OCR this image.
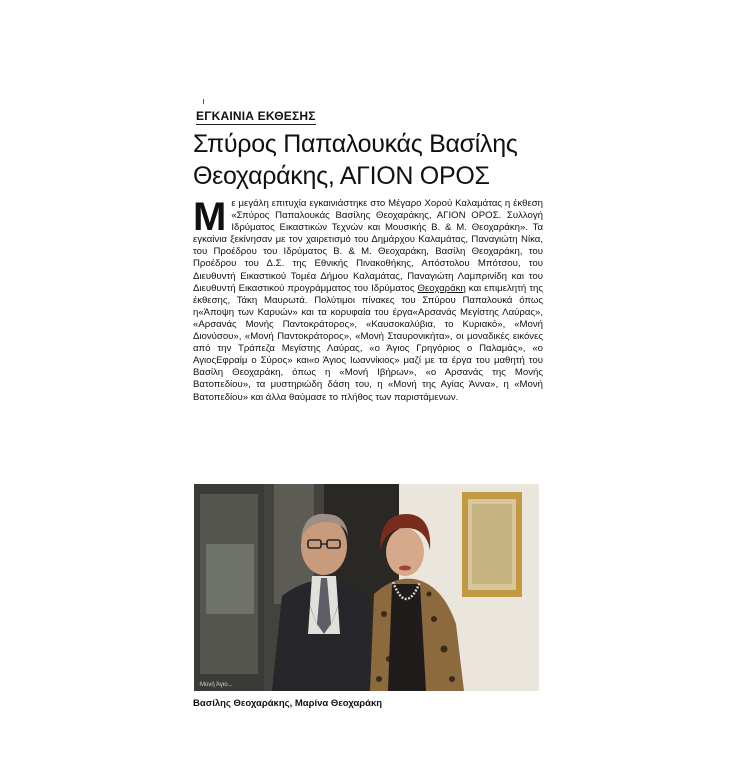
ΕΓΚΑΙΝΙΑ ΕΚΘΕΣΗΣ
Σπύρος Παπαλουκάς Βασίλης Θεοχαράκης, ΑΓΙΟΝ ΟΡΟΣ

Με μεγάλη επιτυχία εγκαινιάστηκε στο Μέγαρο Χορού Καλαμάτας η έκθεση «Σπύρος Παπαλουκάς Βασίλης Θεοχαράκης, ΑΓΙΟΝ ΟΡΟΣ. Συλλογή Ιδρύματος Εικαστικών Τεχνών και Μουσικής Β. & Μ. Θεοχαράκη». Τα εγκαίνια ξεκίνησαν με τον χαιρετισμό του Δημάρχου Καλαμάτας, Παναγιώτη Νίκα, του Προέδρου του Ιδρύματος Β. & Μ. Θεοχαράκη, Βασίλη Θεοχαράκη, του Προέδρου του Δ.Σ. της Εθνικής Πινακοθήκης, Απόστολου Μπότσου, του Διευθυντή Εικαστικού Τομέα Δήμου Καλαμάτας, Παναγιώτη Λαμπρινίδη και του Διευθυντή Εικαστικού προγράμματος του Ιδρύματος Θεοχαράκη και επιμελητή της έκθεσης, Τάκη Μαυρωτά. Πολύτιμοι πίνακες του Σπύρου Παπαλουκά όπως η«Άποψη των Καρυών» και τα κορυφαία του έργα«Αρσανάς Μεγίστης Λαύρας», «Αρσανάς Μονής Παντοκράτορος», «Καυσοκαλύβια, το Κυριακό», «Μονή Διονύσου», «Μονή Παντοκράτορος», «Μονή Σταυρονικήτα», οι μοναδικές εικόνες από την Τράπεζα Μεγίστης Λαύρας, «ο Άγιος Γρηγόριος ο Παλαμάς», «ο ΑγιοςΕφραίμ ο Σύρος» και«ο Άγιος Ιωαννίκιος» μαζί με τα έργα του μαθητή του Βασίλη Θεοχαράκη, όπως η «Μονή Ιβήρων», «ο Αρσανάς της Μονής Βατοπεδίου», τα μυστηριώδη δάση του, η «Μονή της Αγίας Άννα», η «Μονή Βατοπεδίου» και άλλα θαύμασε το πλήθος των παριστάμενων.

·Μονή Άγιο...
Βασίλης Θεοχαράκης, Μαρίνα Θεοχαράκη
